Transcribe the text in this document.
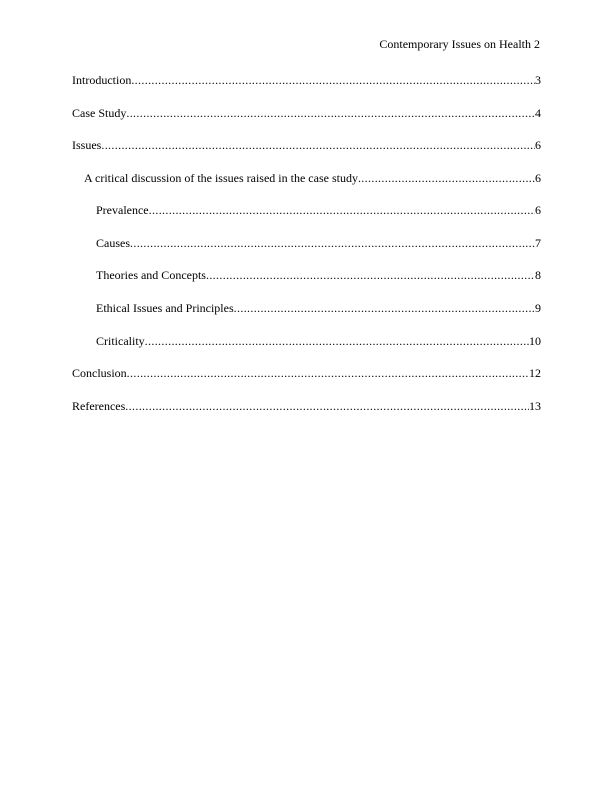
Contemporary Issues on Health 2
Introduction .....	3
Case Study .....	4
Issues .....	6
A critical discussion of the issues raised in the case study .....	6
Prevalence .....	6
Causes .....	7
Theories and Concepts .....	8
Ethical Issues and Principles .....	9
Criticality .....	10
Conclusion .....	12
References .....	13
